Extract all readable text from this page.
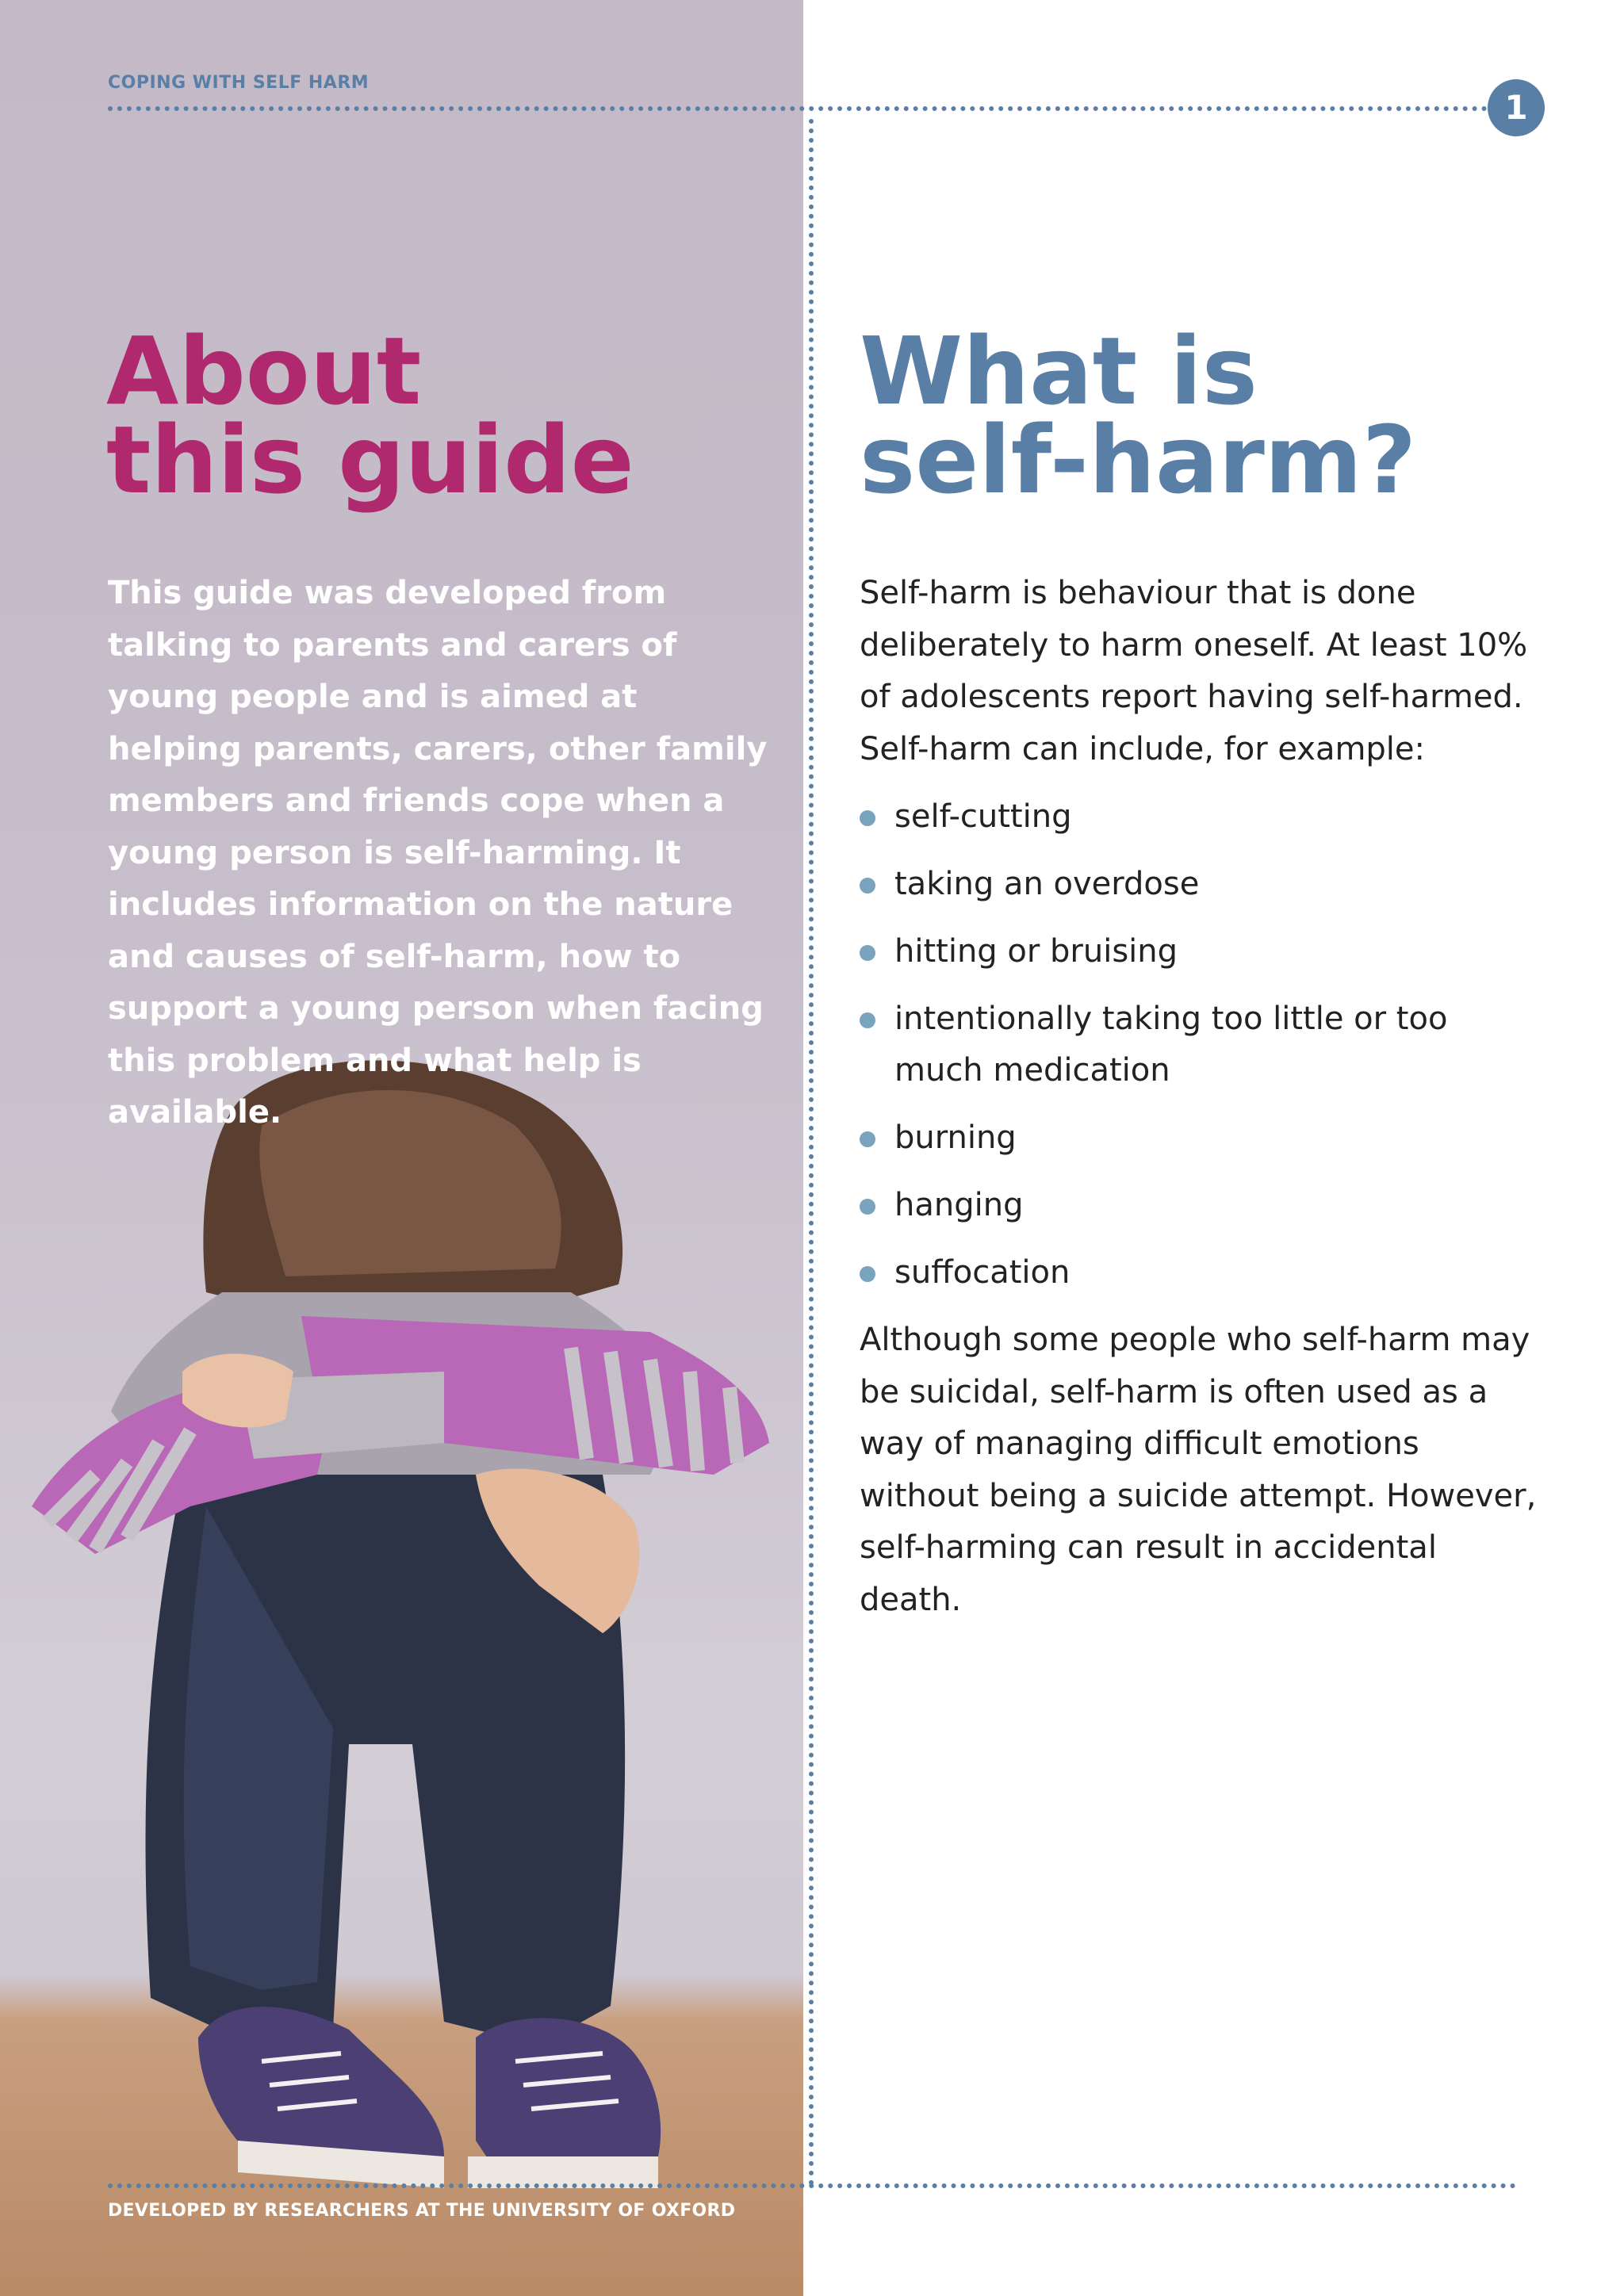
COPING WITH SELF HARM
1
About
this guide

This guide was developed from talking to parents and carers of young people and is aimed at helping parents, carers, other family members and friends cope when a young person is self-harming. It includes information on the nature and causes of self-harm, how to support a young person when facing this problem and what help is available.

What is
self-harm?

Self-harm is behaviour that is done deliberately to harm oneself. At least 10% of adolescents report having self-harmed. Self-harm can include, for example:

self-cutting
taking an overdose
hitting or bruising
intentionally taking too little or too much medication
burning
hanging
suffocation

Although some people who self-harm may be suicidal, self-harm is often used as a way of managing difficult emotions without being a suicide attempt. However, self-harming can result in accidental death.

DEVELOPED BY RESEARCHERS AT THE UNIVERSITY OF OXFORD
